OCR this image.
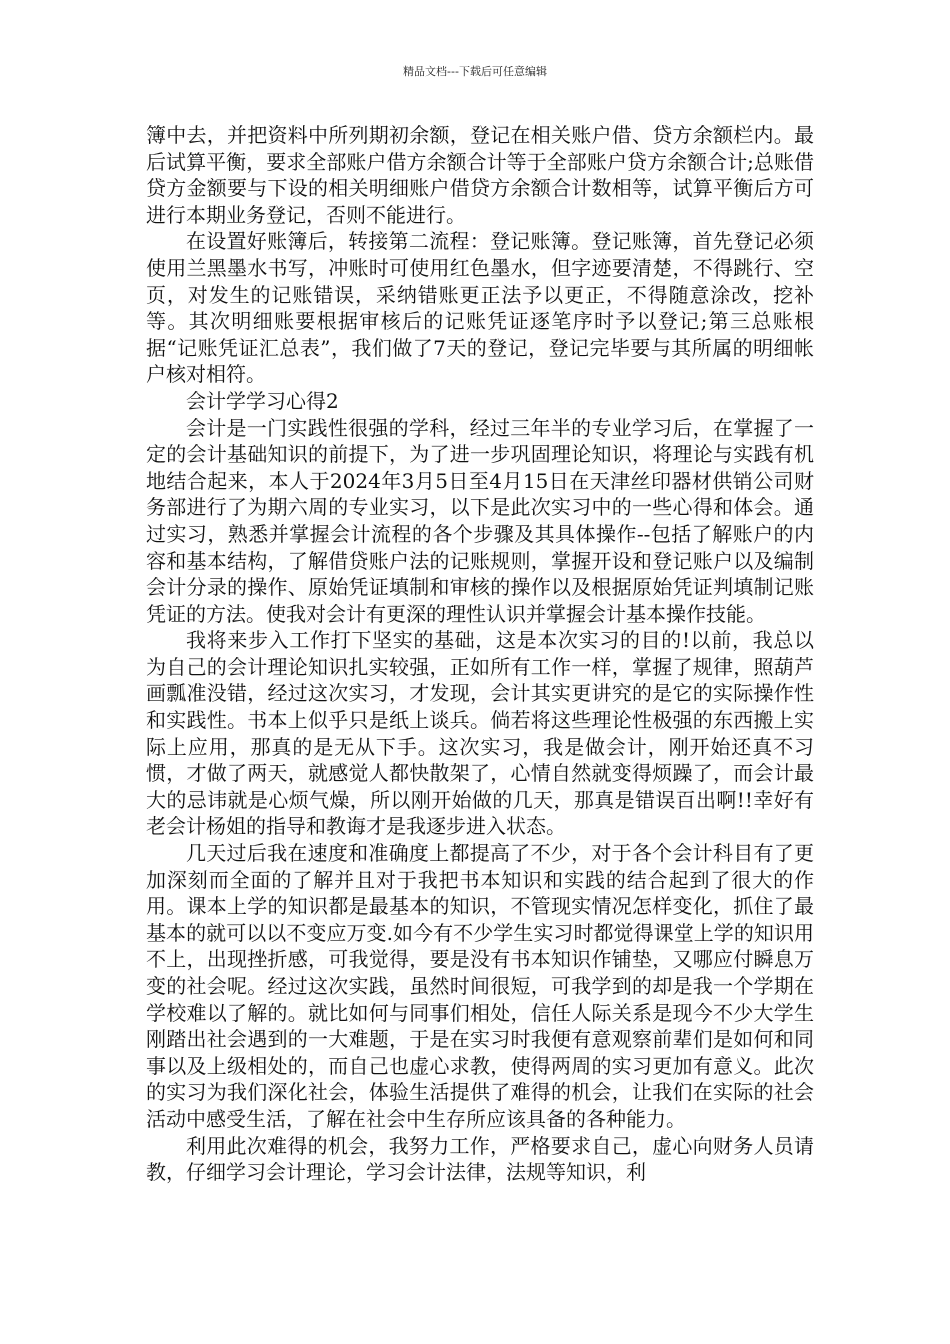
精品文档---下载后可任意编辑

簿中去，并把资料中所列期初余额，登记在相关账户借、贷方余额栏内。最后试算平衡，要求全部账户借方余额合计等于全部账户贷方余额合计;总账借贷方金额要与下设的相关明细账户借贷方余额合计数相等，试算平衡后方可进行本期业务登记，否则不能进行。

在设置好账簿后，转接第二流程：登记账簿。登记账簿，首先登记必须使用兰黑墨水书写，冲账时可使用红色墨水，但字迹要清楚，不得跳行、空页，对发生的记账错误，采纳错账更正法予以更正，不得随意涂改，挖补等。其次明细账要根据审核后的记账凭证逐笔序时予以登记;第三总账根据“记账凭证汇总表”，我们做了7天的登记，登记完毕要与其所属的明细帐户核对相符。

会计学学习心得2

会计是一门实践性很强的学科，经过三年半的专业学习后，在掌握了一定的会计基础知识的前提下，为了进一步巩固理论知识，将理论与实践有机地结合起来，本人于2024年3月5日至4月15日在天津丝印器材供销公司财务部进行了为期六周的专业实习，以下是此次实习中的一些心得和体会。通过实习，熟悉并掌握会计流程的各个步骤及其具体操作--包括了解账户的内容和基本结构，了解借贷账户法的记账规则，掌握开设和登记账户以及编制会计分录的操作、原始凭证填制和审核的操作以及根据原始凭证判填制记账凭证的方法。使我对会计有更深的理性认识并掌握会计基本操作技能。

我将来步入工作打下坚实的基础，这是本次实习的目的!以前，我总以为自己的会计理论知识扎实较强，正如所有工作一样，掌握了规律，照葫芦画瓢准没错，经过这次实习，才发现，会计其实更讲究的是它的实际操作性和实践性。书本上似乎只是纸上谈兵。倘若将这些理论性极强的东西搬上实际上应用，那真的是无从下手。这次实习，我是做会计，刚开始还真不习惯，才做了两天，就感觉人都快散架了，心情自然就变得烦躁了，而会计最大的忌讳就是心烦气燥，所以刚开始做的几天，那真是错误百出啊!!幸好有老会计杨姐的指导和教诲才是我逐步进入状态。

几天过后我在速度和准确度上都提高了不少，对于各个会计科目有了更加深刻而全面的了解并且对于我把书本知识和实践的结合起到了很大的作用。课本上学的知识都是最基本的知识，不管现实情况怎样变化，抓住了最基本的就可以以不变应万变.如今有不少学生实习时都觉得课堂上学的知识用不上，出现挫折感，可我觉得，要是没有书本知识作铺垫，又哪应付瞬息万变的社会呢。经过这次实践，虽然时间很短，可我学到的却是我一个学期在学校难以了解的。就比如何与同事们相处，信任人际关系是现今不少大学生刚踏出社会遇到的一大难题，于是在实习时我便有意观察前辈们是如何和同事以及上级相处的，而自己也虚心求教，使得两周的实习更加有意义。此次的实习为我们深化社会，体验生活提供了难得的机会，让我们在实际的社会活动中感受生活，了解在社会中生存所应该具备的各种能力。

利用此次难得的机会，我努力工作，严格要求自己，虚心向财务人员请教，仔细学习会计理论，学习会计法律，法规等知识，利
